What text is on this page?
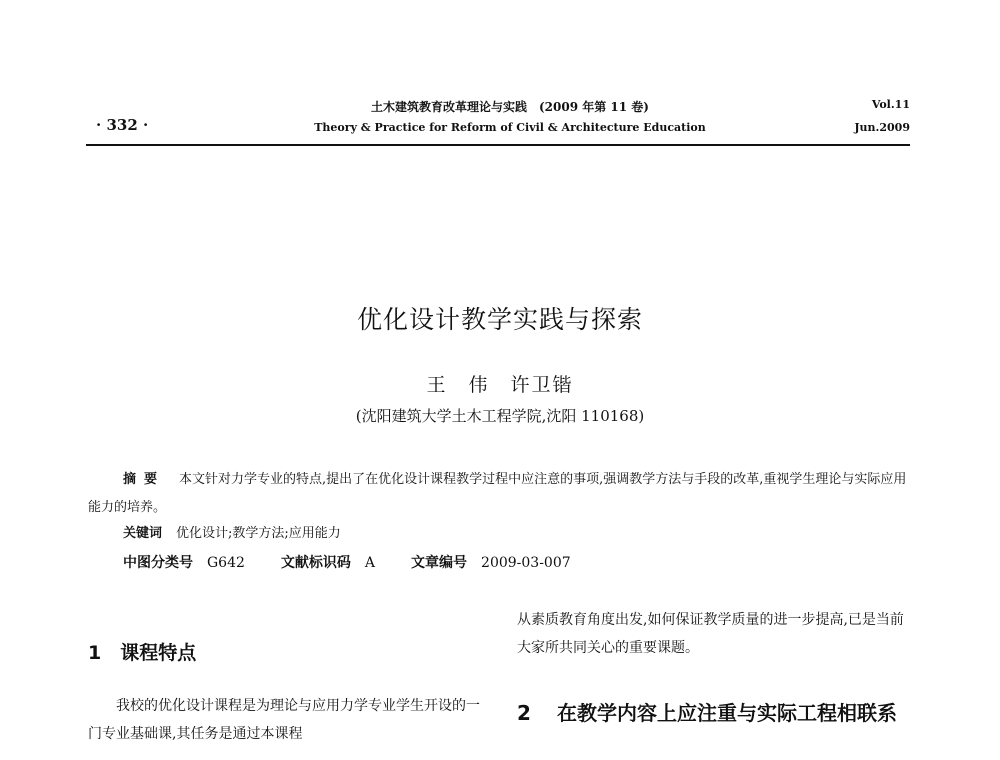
· 332 ·
土木建筑教育改革理论与实践　(2009 年第 11 卷)
Theory & Practice for Reform of Civil & Architecture Education
Vol.11
Jun.2009
优化设计教学实践与探索
王　伟　许卫锴
(沈阳建筑大学土木工程学院,沈阳 110168)
摘要 本文针对力学专业的特点,提出了在优化设计课程教学过程中应注意的事项,强调教学方法与手段的改革,重视学生理论与实际应用能力的培养。
关键词 优化设计;教学方法;应用能力
中图分类号 G642	文献标识码 A	文章编号 2009-03-007
1　课程特点
我校的优化设计课程是为理论与应用力学专业学生开设的一门专业基础课,其任务是通过本课程
从素质教育角度出发,如何保证教学质量的进一步提高,已是当前大家所共同关心的重要课题。
2 在教学内容上应注重与实际工程相联系
